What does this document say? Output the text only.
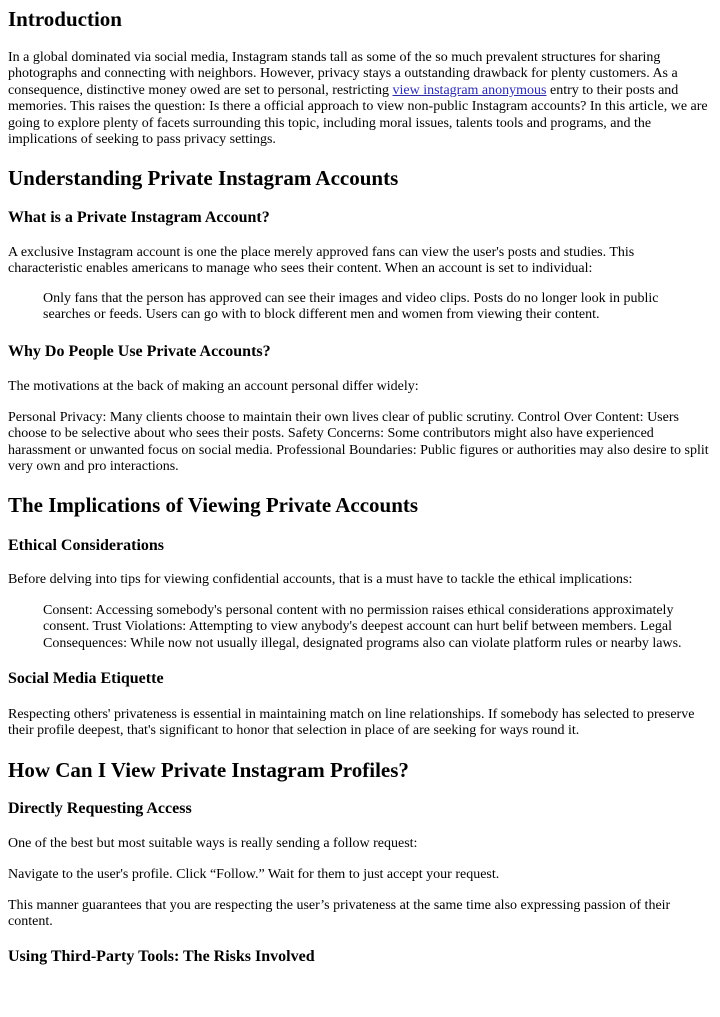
Introduction

In a global dominated via social media, Instagram stands tall as some of the so much prevalent structures for sharing photographs and connecting with neighbors. However, privacy stays a outstanding drawback for plenty customers. As a consequence, distinctive money owed are set to personal, restricting view instagram anonymous entry to their posts and memories. This raises the question: Is there a official approach to view non-public Instagram accounts? In this article, we are going to explore plenty of facets surrounding this topic, including moral issues, talents tools and programs, and the implications of seeking to pass privacy settings.

Understanding Private Instagram Accounts
What is a Private Instagram Account?

A exclusive Instagram account is one the place merely approved fans can view the user's posts and studies. This characteristic enables americans to manage who sees their content. When an account is set to individual:

Only fans that the person has approved can see their images and video clips. Posts do no longer look in public searches or feeds. Users can go with to block different men and women from viewing their content.

Why Do People Use Private Accounts?

The motivations at the back of making an account personal differ widely:

Personal Privacy: Many clients choose to maintain their own lives clear of public scrutiny. Control Over Content: Users choose to be selective about who sees their posts. Safety Concerns: Some contributors might also have experienced harassment or unwanted focus on social media. Professional Boundaries: Public figures or authorities may also desire to split very own and pro interactions.

The Implications of Viewing Private Accounts
Ethical Considerations

Before delving into tips for viewing confidential accounts, that is a must have to tackle the ethical implications:

Consent: Accessing somebody's personal content with no permission raises ethical considerations approximately consent. Trust Violations: Attempting to view anybody's deepest account can hurt belif between members. Legal Consequences: While now not usually illegal, designated programs also can violate platform rules or nearby laws.

Social Media Etiquette

Respecting others' privateness is essential in maintaining match on line relationships. If somebody has selected to preserve their profile deepest, that's significant to honor that selection in place of are seeking for ways round it.

How Can I View Private Instagram Profiles?
Directly Requesting Access

One of the best but most suitable ways is really sending a follow request:

Navigate to the user's profile. Click “Follow.” Wait for them to just accept your request.

This manner guarantees that you are respecting the user’s privateness at the same time also expressing passion of their content.

Using Third-Party Tools: The Risks Involved
